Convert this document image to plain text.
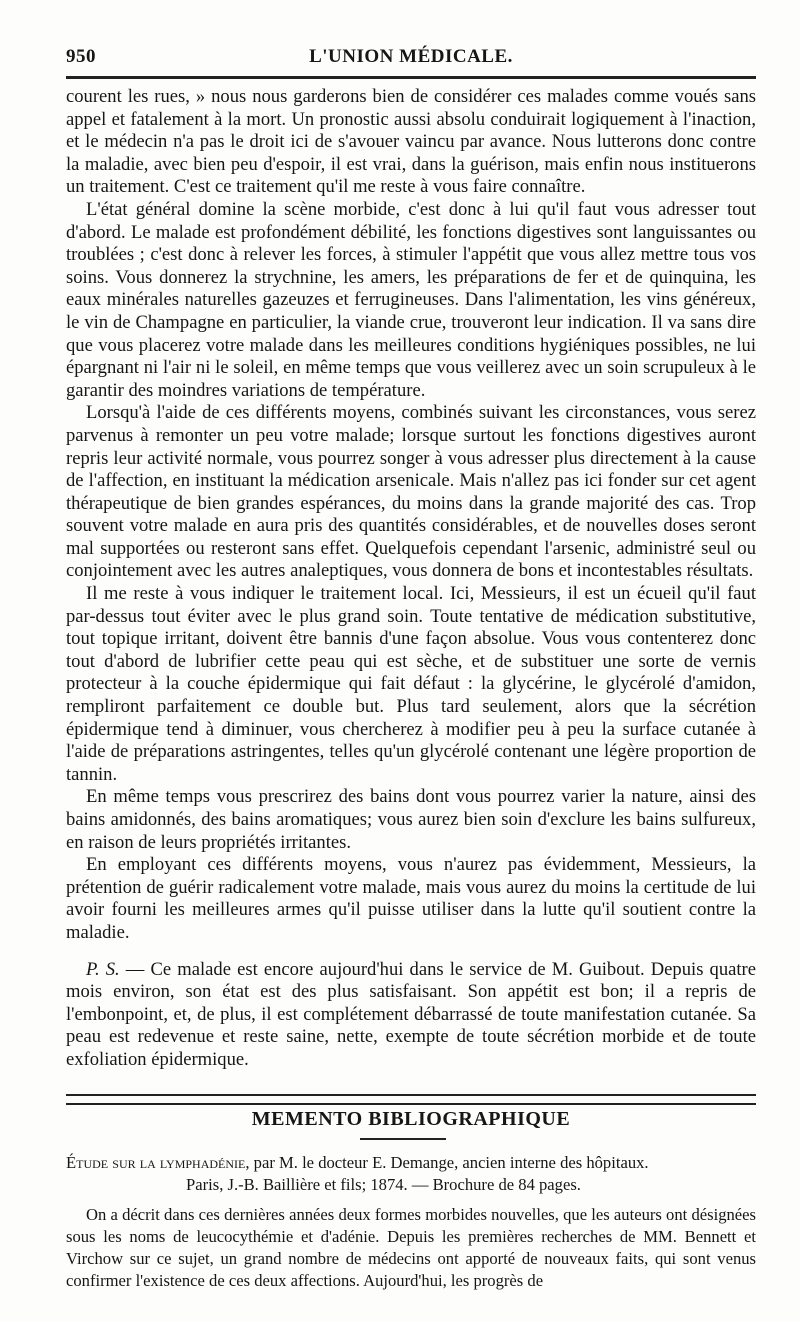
950	L'UNION MÉDICALE.

courent les rues, » nous nous garderons bien de considérer ces malades comme voués sans appel et fatalement à la mort. Un pronostic aussi absolu conduirait logiquement à l'inaction, et le médecin n'a pas le droit ici de s'avouer vaincu par avance. Nous lutterons donc contre la maladie, avec bien peu d'espoir, il est vrai, dans la guérison, mais enfin nous instituerons un traitement. C'est ce traitement qu'il me reste à vous faire connaître.

L'état général domine la scène morbide, c'est donc à lui qu'il faut vous adresser tout d'abord. Le malade est profondément débilité, les fonctions digestives sont languissantes ou troublées ; c'est donc à relever les forces, à stimuler l'appétit que vous allez mettre tous vos soins. Vous donnerez la strychnine, les amers, les préparations de fer et de quinquina, les eaux minérales naturelles gazeuzes et ferrugineuses. Dans l'alimentation, les vins généreux, le vin de Champagne en particulier, la viande crue, trouveront leur indication. Il va sans dire que vous placerez votre malade dans les meilleures conditions hygiéniques possibles, ne lui épargnant ni l'air ni le soleil, en même temps que vous veillerez avec un soin scrupuleux à le garantir des moindres variations de température.

Lorsqu'à l'aide de ces différents moyens, combinés suivant les circonstances, vous serez parvenus à remonter un peu votre malade; lorsque surtout les fonctions digestives auront repris leur activité normale, vous pourrez songer à vous adresser plus directement à la cause de l'affection, en instituant la médication arsenicale. Mais n'allez pas ici fonder sur cet agent thérapeutique de bien grandes espérances, du moins dans la grande majorité des cas. Trop souvent votre malade en aura pris des quantités considérables, et de nouvelles doses seront mal supportées ou resteront sans effet. Quelquefois cependant l'arsenic, administré seul ou conjointement avec les autres analeptiques, vous donnera de bons et incontestables résultats.

Il me reste à vous indiquer le traitement local. Ici, Messieurs, il est un écueil qu'il faut par-dessus tout éviter avec le plus grand soin. Toute tentative de médication substitutive, tout topique irritant, doivent être bannis d'une façon absolue. Vous vous contenterez donc tout d'abord de lubrifier cette peau qui est sèche, et de substituer une sorte de vernis protecteur à la couche épidermique qui fait défaut : la glycérine, le glycérolé d'amidon, rempliront parfaitement ce double but. Plus tard seulement, alors que la sécrétion épidermique tend à diminuer, vous chercherez à modifier peu à peu la surface cutanée à l'aide de préparations astringentes, telles qu'un glycérolé contenant une légère proportion de tannin.

En même temps vous prescrirez des bains dont vous pourrez varier la nature, ainsi des bains amidonnés, des bains aromatiques; vous aurez bien soin d'exclure les bains sulfureux, en raison de leurs propriétés irritantes.

En employant ces différents moyens, vous n'aurez pas évidemment, Messieurs, la prétention de guérir radicalement votre malade, mais vous aurez du moins la certitude de lui avoir fourni les meilleures armes qu'il puisse utiliser dans la lutte qu'il soutient contre la maladie.

P. S. — Ce malade est encore aujourd'hui dans le service de M. Guibout. Depuis quatre mois environ, son état est des plus satisfaisant. Son appétit est bon; il a repris de l'embonpoint, et, de plus, il est complétement débarrassé de toute manifestation cutanée. Sa peau est redevenue et reste saine, nette, exempte de toute sécrétion morbide et de toute exfoliation épidermique.

MEMENTO BIBLIOGRAPHIQUE
Étude sur la lymphadénie, par M. le docteur E. Demange, ancien interne des hôpitaux.
Paris, J.-B. Baillière et fils; 1874. — Brochure de 84 pages.

On a décrit dans ces dernières années deux formes morbides nouvelles, que les auteurs ont désignées sous les noms de leucocythémie et d'adénie. Depuis les premières recherches de MM. Bennett et Virchow sur ce sujet, un grand nombre de médecins ont apporté de nouveaux faits, qui sont venus confirmer l'existence de ces deux affections. Aujourd'hui, les progrès de
